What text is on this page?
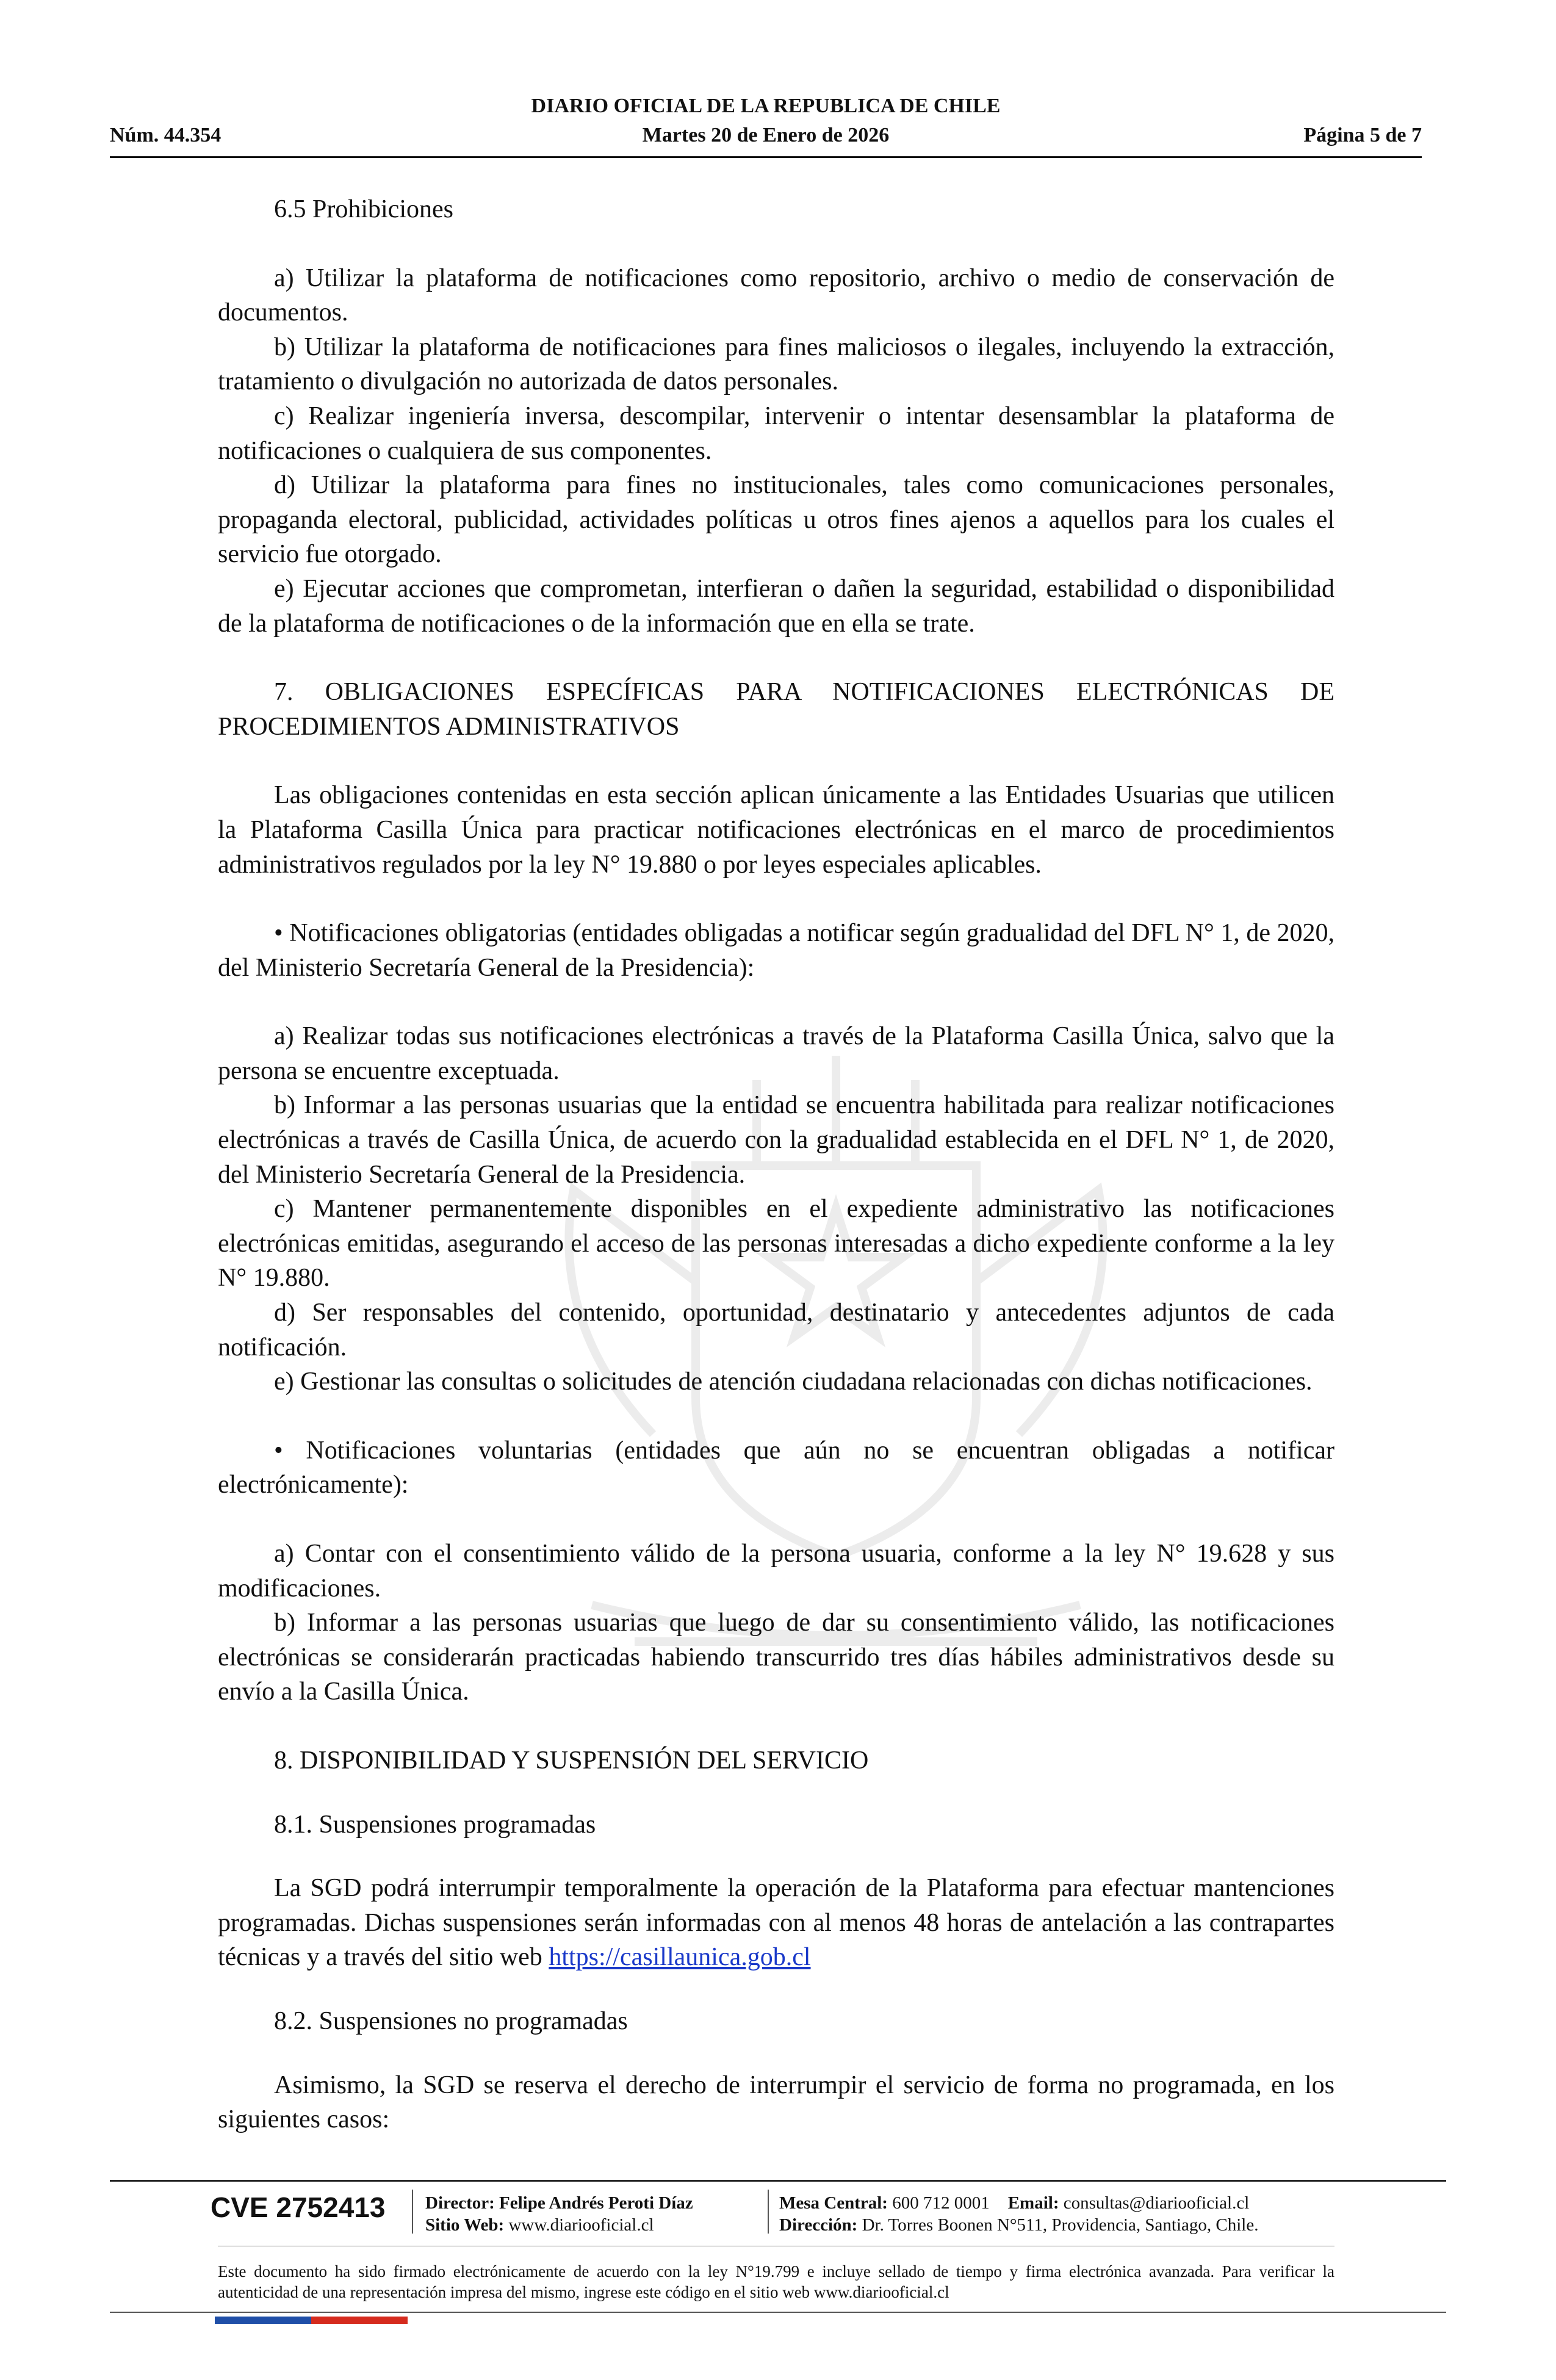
DIARIO OFICIAL DE LA REPUBLICA DE CHILE
Núm. 44.354	Martes 20 de Enero de 2026	Página 5 de 7

6.5 Prohibiciones

a) Utilizar la plataforma de notificaciones como repositorio, archivo o medio de conservación de documentos.

b) Utilizar la plataforma de notificaciones para fines maliciosos o ilegales, incluyendo la extracción, tratamiento o divulgación no autorizada de datos personales.

c) Realizar ingeniería inversa, descompilar, intervenir o intentar desensamblar la plataforma de notificaciones o cualquiera de sus componentes.

d) Utilizar la plataforma para fines no institucionales, tales como comunicaciones personales, propaganda electoral, publicidad, actividades políticas u otros fines ajenos a aquellos para los cuales el servicio fue otorgado.

e) Ejecutar acciones que comprometan, interfieran o dañen la seguridad, estabilidad o disponibilidad de la plataforma de notificaciones o de la información que en ella se trate.

7. OBLIGACIONES ESPECÍFICAS PARA NOTIFICACIONES ELECTRÓNICAS DE PROCEDIMIENTOS ADMINISTRATIVOS

Las obligaciones contenidas en esta sección aplican únicamente a las Entidades Usuarias que utilicen la Plataforma Casilla Única para practicar notificaciones electrónicas en el marco de procedimientos administrativos regulados por la ley N° 19.880 o por leyes especiales aplicables.

• Notificaciones obligatorias (entidades obligadas a notificar según gradualidad del DFL N° 1, de 2020, del Ministerio Secretaría General de la Presidencia):

a) Realizar todas sus notificaciones electrónicas a través de la Plataforma Casilla Única, salvo que la persona se encuentre exceptuada.

b) Informar a las personas usuarias que la entidad se encuentra habilitada para realizar notificaciones electrónicas a través de Casilla Única, de acuerdo con la gradualidad establecida en el DFL N° 1, de 2020, del Ministerio Secretaría General de la Presidencia.

c) Mantener permanentemente disponibles en el expediente administrativo las notificaciones electrónicas emitidas, asegurando el acceso de las personas interesadas a dicho expediente conforme a la ley N° 19.880.

d) Ser responsables del contenido, oportunidad, destinatario y antecedentes adjuntos de cada notificación.

e) Gestionar las consultas o solicitudes de atención ciudadana relacionadas con dichas notificaciones.

• Notificaciones voluntarias (entidades que aún no se encuentran obligadas a notificar electrónicamente):

a) Contar con el consentimiento válido de la persona usuaria, conforme a la ley N° 19.628 y sus modificaciones.

b) Informar a las personas usuarias que luego de dar su consentimiento válido, las notificaciones electrónicas se considerarán practicadas habiendo transcurrido tres días hábiles administrativos desde su envío a la Casilla Única.

8. DISPONIBILIDAD Y SUSPENSIÓN DEL SERVICIO

8.1. Suspensiones programadas

La SGD podrá interrumpir temporalmente la operación de la Plataforma para efectuar mantenciones programadas. Dichas suspensiones serán informadas con al menos 48 horas de antelación a las contrapartes técnicas y a través del sitio web https://casillaunica.gob.cl

8.2. Suspensiones no programadas

Asimismo, la SGD se reserva el derecho de interrumpir el servicio de forma no programada, en los siguientes casos:

CVE 2752413 Director: Felipe Andrés Peroti Díaz
Sitio Web: www.diariooficial.cl
Mesa Central: 600 712 0001 Email: consultas@diariooficial.cl
Dirección: Dr. Torres Boonen N°511, Providencia, Santiago, Chile.
Este documento ha sido firmado electrónicamente de acuerdo con la ley N°19.799 e incluye sellado de tiempo y firma electrónica avanzada. Para verificar la autenticidad de una representación impresa del mismo, ingrese este código en el sitio web www.diariooficial.cl
